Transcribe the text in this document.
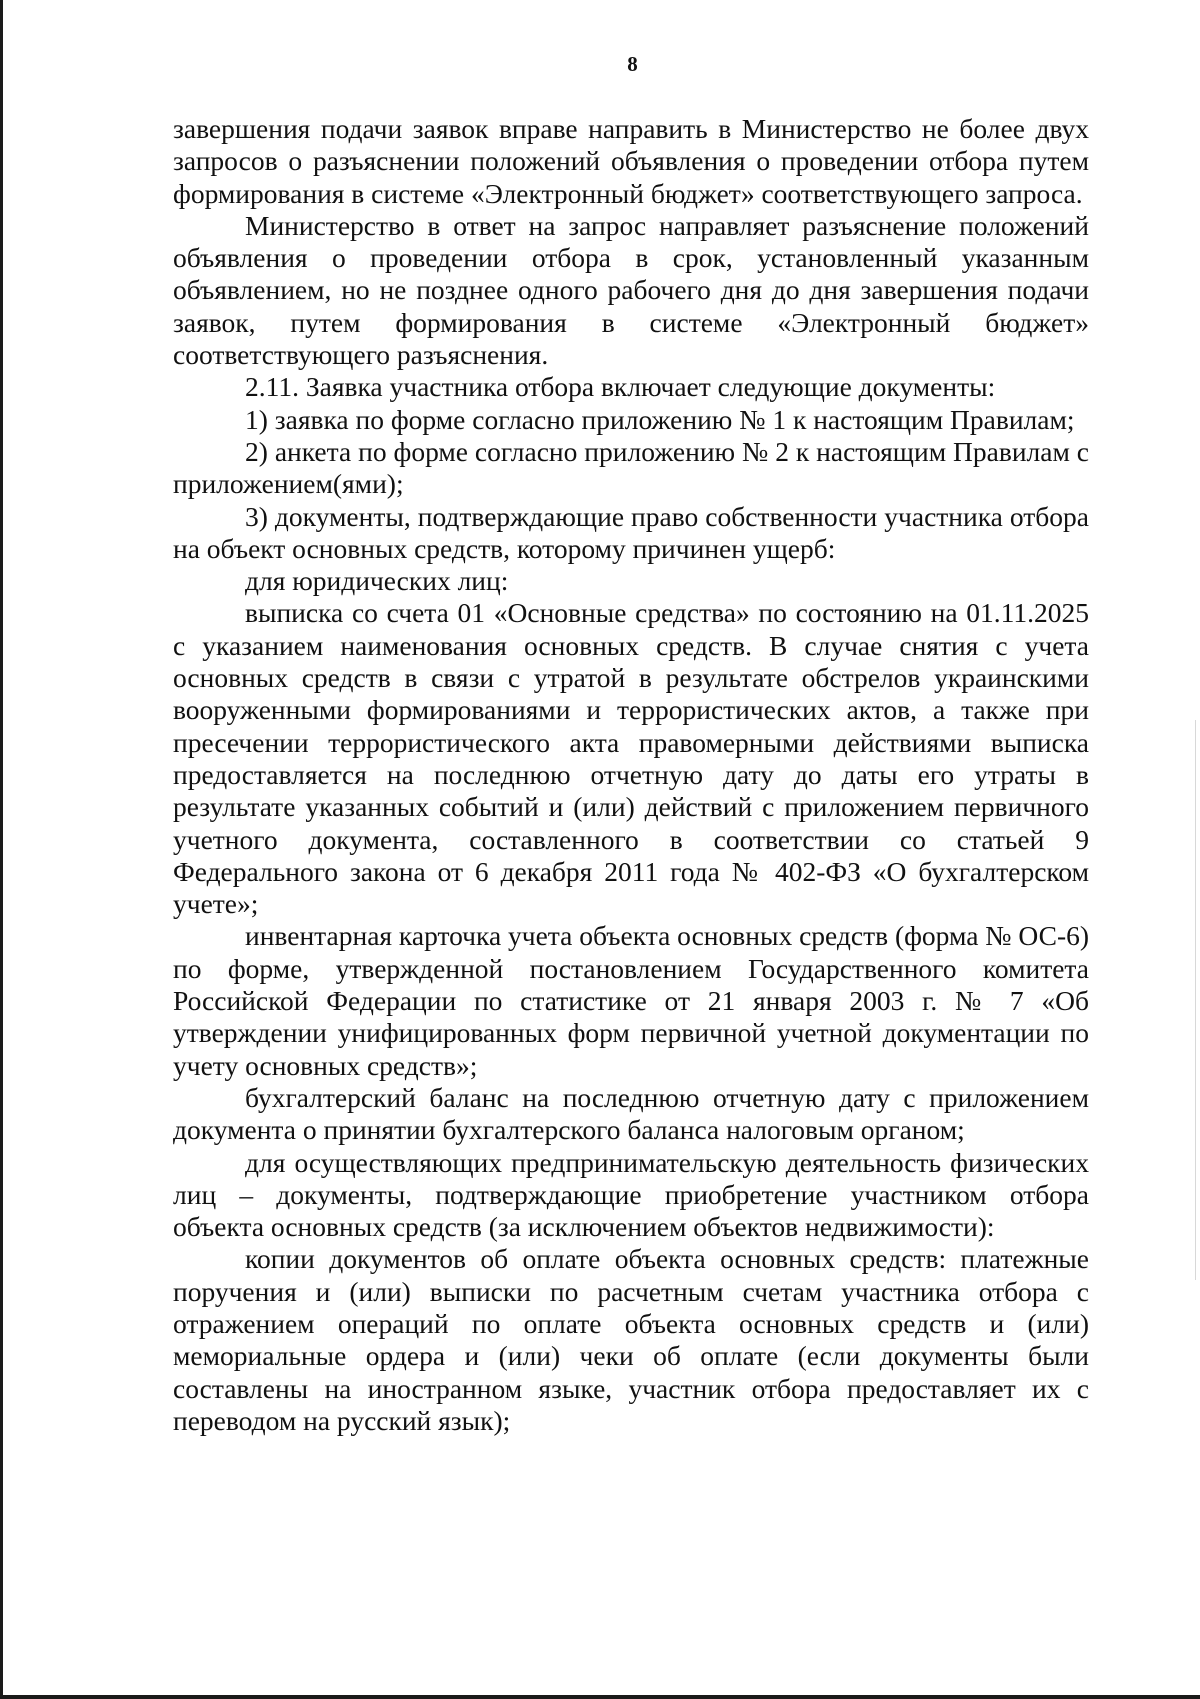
8

завершения подачи заявок вправе направить в Министерство не более двух запросов о разъяснении положений объявления о проведении отбора путем формирования в системе «Электронный бюджет» соответствующего запроса.

Министерство в ответ на запрос направляет разъяснение положений объявления о проведении отбора в срок, установленный указанным объявлением, но не позднее одного рабочего дня до дня завершения подачи заявок, путем формирования в системе «Электронный бюджет» соответствующего разъяснения.

2.11. Заявка участника отбора включает следующие документы:

1) заявка по форме согласно приложению № 1 к настоящим Правилам;

2) анкета по форме согласно приложению № 2 к настоящим Правилам с приложением(ями);

3) документы, подтверждающие право собственности участника отбора на объект основных средств, которому причинен ущерб:

для юридических лиц:

выписка со счета 01 «Основные средства» по состоянию на 01.11.2025 с указанием наименования основных средств. В случае снятия с учета основных средств в связи с утратой в результате обстрелов украинскими вооруженными формированиями и террористических актов, а также при пресечении террористического акта правомерными действиями выписка предоставляется на последнюю отчетную дату до даты его утраты в результате указанных событий и (или) действий с приложением первичного учетного документа, составленного в соответствии со статьей 9 Федерального закона от 6 декабря 2011 года № 402-ФЗ «О бухгалтерском учете»;

инвентарная карточка учета объекта основных средств (форма № ОС-6) по форме, утвержденной постановлением Государственного комитета Российской Федерации по статистике от 21 января 2003 г. № 7 «Об утверждении унифицированных форм первичной учетной документации по учету основных средств»;

бухгалтерский баланс на последнюю отчетную дату с приложением документа о принятии бухгалтерского баланса налоговым органом;

для осуществляющих предпринимательскую деятельность физических лиц – документы, подтверждающие приобретение участником отбора объекта основных средств (за исключением объектов недвижимости):

копии документов об оплате объекта основных средств: платежные поручения и (или) выписки по расчетным счетам участника отбора с отражением операций по оплате объекта основных средств и (или) мемориальные ордера и (или) чеки об оплате (если документы были составлены на иностранном языке, участник отбора предоставляет их с переводом на русский язык);
